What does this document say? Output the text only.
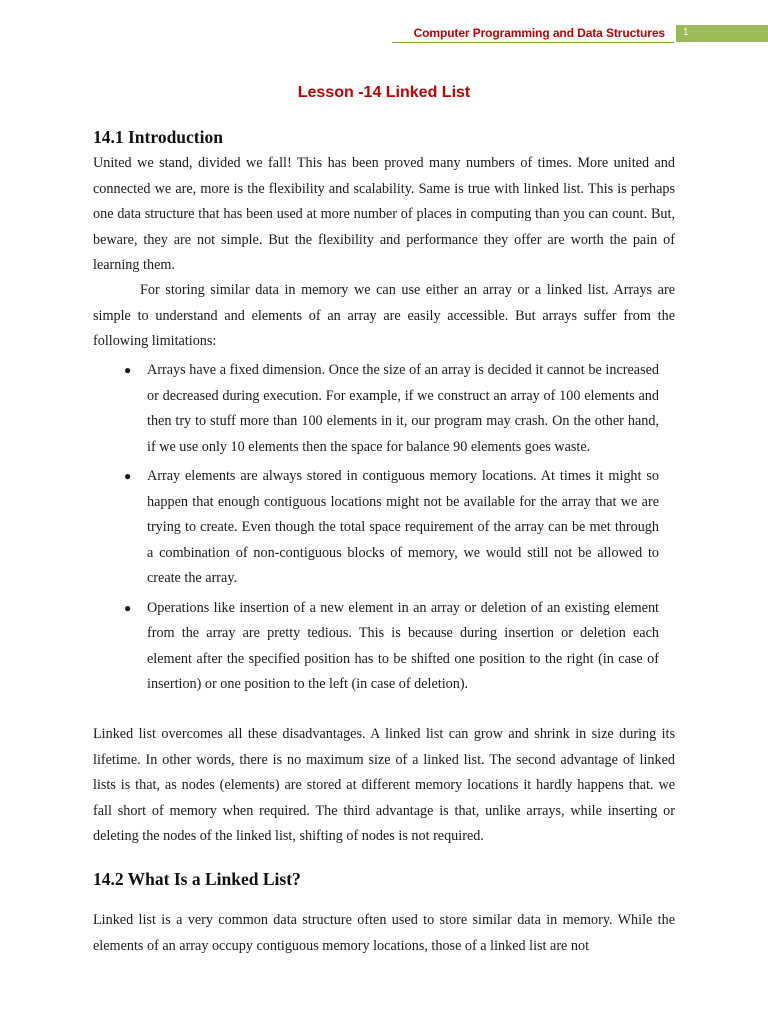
Computer Programming and Data Structures 1
Lesson -14 Linked List
14.1 Introduction

United we stand, divided we fall! This has been proved many numbers of times. More united and connected we are, more is the flexibility and scalability. Same is true with linked list. This is perhaps one data structure that has been used at more number of places in computing than you can count. But, beware, they are not simple. But the flexibility and performance they offer are worth the pain of learning them.

For storing similar data in memory we can use either an array or a linked list. Arrays are simple to understand and elements of an array are easily accessible. But arrays suffer from the following limitations:

● Arrays have a fixed dimension. Once the size of an array is decided it cannot be increased or decreased during execution. For example, if we construct an array of 100 elements and then try to stuff more than 100 elements in it, our program may crash. On the other hand, if we use only 10 elements then the space for balance 90 elements goes waste.
● Array elements are always stored in contiguous memory locations. At times it might so happen that enough contiguous locations might not be available for the array that we are trying to create. Even though the total space requirement of the array can be met through a combination of non-contiguous blocks of memory, we would still not be allowed to create the array.
● Operations like insertion of a new element in an array or deletion of an existing element from the array are pretty tedious. This is because during insertion or deletion each element after the specified position has to be shifted one position to the right (in case of insertion) or one position to the left (in case of deletion).

Linked list overcomes all these disadvantages. A linked list can grow and shrink in size during its lifetime. In other words, there is no maximum size of a linked list. The second advantage of linked lists is that, as nodes (elements) are stored at different memory locations it hardly happens that. we fall short of memory when required. The third advantage is that, unlike arrays, while inserting or deleting the nodes of the linked list, shifting of nodes is not required.

14.2 What Is a Linked List?

Linked list is a very common data structure often used to store similar data in memory. While the elements of an array occupy contiguous memory locations, those of a linked list are not
